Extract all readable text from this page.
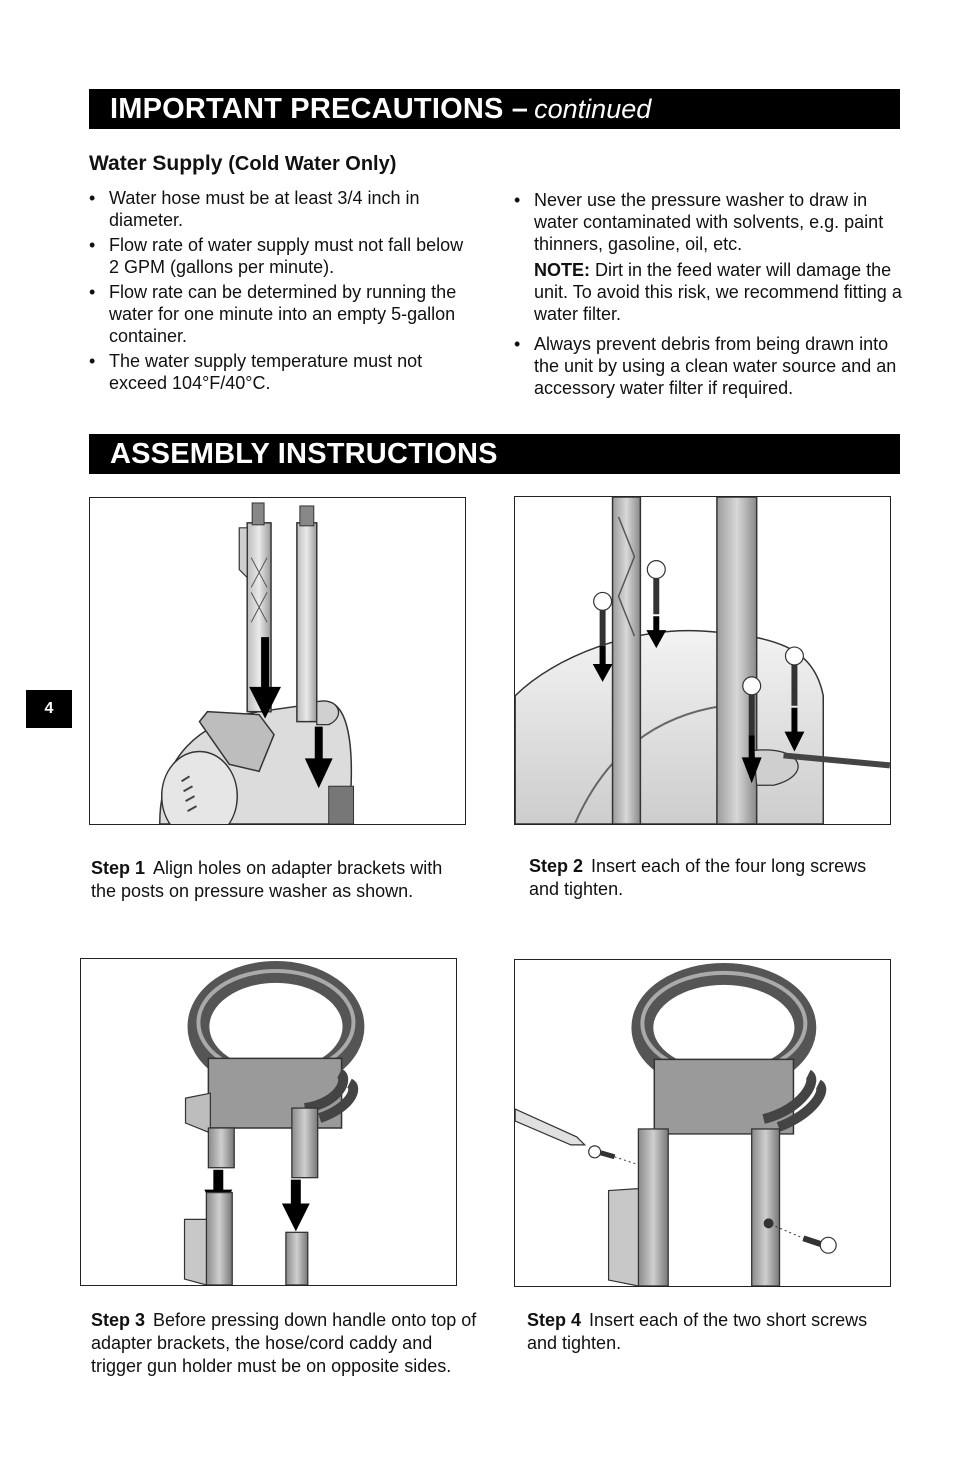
IMPORTANT PRECAUTIONS – continued
Water Supply (Cold Water Only)
• Water hose must be at least 3/4 inch in diameter.
• Flow rate of water supply must not fall below 2 GPM (gallons per minute).
• Flow rate can be determined by running the water for one minute into an empty 5-gallon container.
• The water supply temperature must not exceed 104°F/40°C.
• Never use the pressure washer to draw in water contaminated with solvents, e.g. paint thinners, gasoline, oil, etc.
NOTE: Dirt in the feed water will damage the unit. To avoid this risk, we recommend fitting a water filter.
• Always prevent debris from being drawn into the unit by using a clean water source and an accessory water filter if required.
ASSEMBLY INSTRUCTIONS
4
Step 1 Align holes on adapter brackets with the posts on pressure washer as shown.
Step 2 Insert each of the four long screws and tighten.
Step 3 Before pressing down handle onto top of adapter brackets, the hose/cord caddy and trigger gun holder must be on opposite sides.
Step 4 Insert each of the two short screws and tighten.
